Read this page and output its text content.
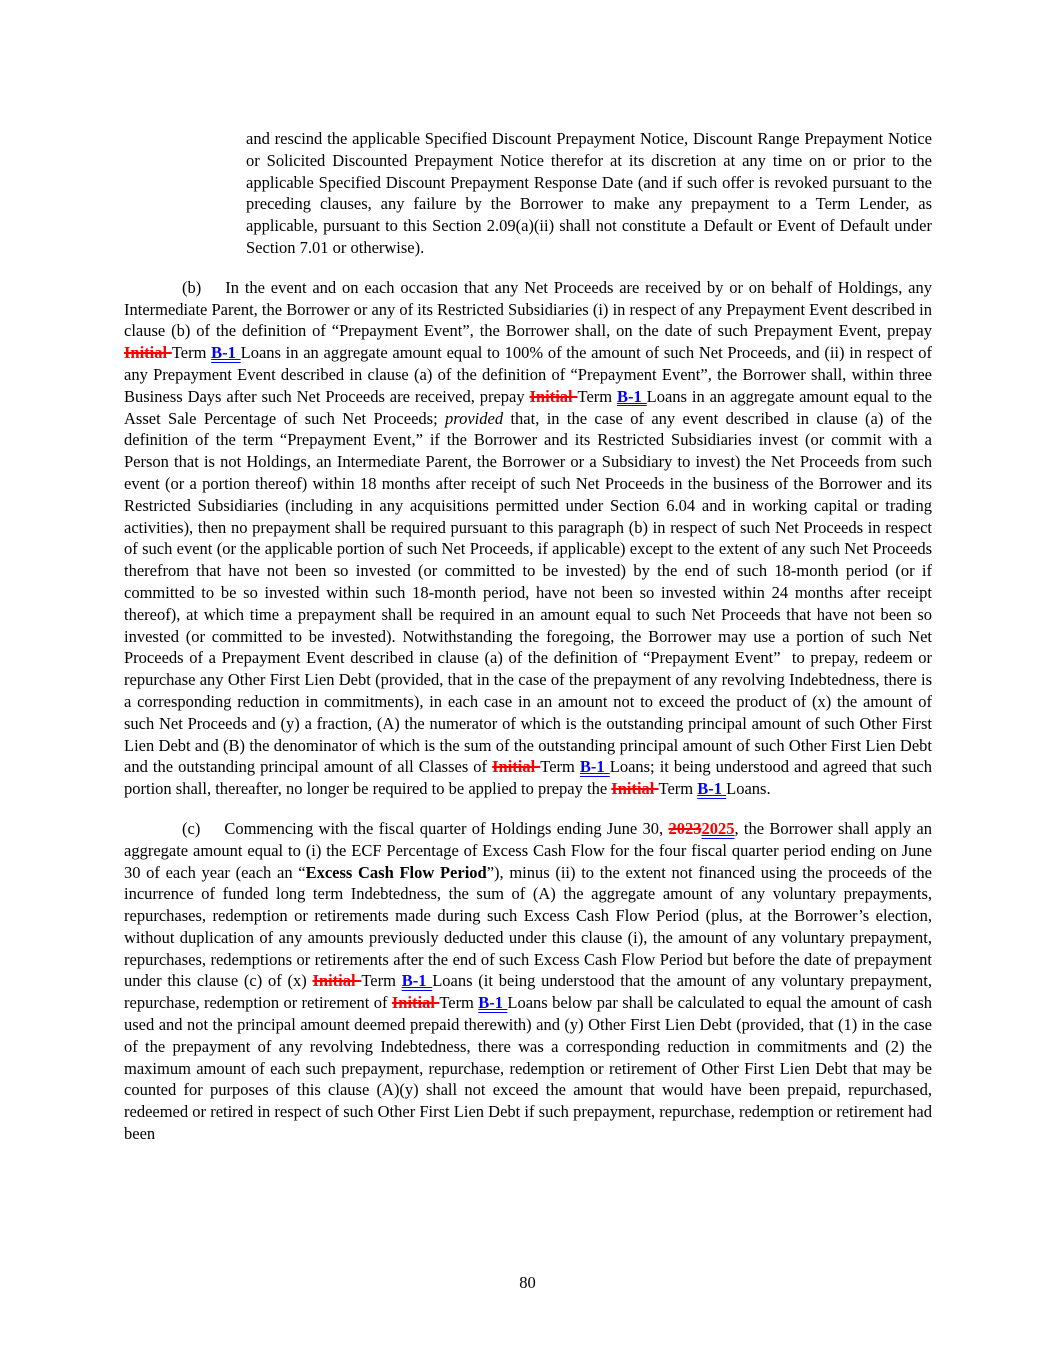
and rescind the applicable Specified Discount Prepayment Notice, Discount Range Prepayment Notice or Solicited Discounted Prepayment Notice therefor at its discretion at any time on or prior to the applicable Specified Discount Prepayment Response Date (and if such offer is revoked pursuant to the preceding clauses, any failure by the Borrower to make any prepayment to a Term Lender, as applicable, pursuant to this Section 2.09(a)(ii) shall not constitute a Default or Event of Default under Section 7.01 or otherwise).
(b) In the event and on each occasion that any Net Proceeds are received by or on behalf of Holdings, any Intermediate Parent, the Borrower or any of its Restricted Subsidiaries (i) in respect of any Prepayment Event described in clause (b) of the definition of “Prepayment Event”, the Borrower shall, on the date of such Prepayment Event, prepay Initial Term B-1 Loans in an aggregate amount equal to 100% of the amount of such Net Proceeds, and (ii) in respect of any Prepayment Event described in clause (a) of the definition of “Prepayment Event”, the Borrower shall, within three Business Days after such Net Proceeds are received, prepay Initial Term B-1 Loans in an aggregate amount equal to the Asset Sale Percentage of such Net Proceeds; provided that, in the case of any event described in clause (a) of the definition of the term “Prepayment Event,” if the Borrower and its Restricted Subsidiaries invest (or commit with a Person that is not Holdings, an Intermediate Parent, the Borrower or a Subsidiary to invest) the Net Proceeds from such event (or a portion thereof) within 18 months after receipt of such Net Proceeds in the business of the Borrower and its Restricted Subsidiaries (including in any acquisitions permitted under Section 6.04 and in working capital or trading activities), then no prepayment shall be required pursuant to this paragraph (b) in respect of such Net Proceeds in respect of such event (or the applicable portion of such Net Proceeds, if applicable) except to the extent of any such Net Proceeds therefrom that have not been so invested (or committed to be invested) by the end of such 18-month period (or if committed to be so invested within such 18-month period, have not been so invested within 24 months after receipt thereof), at which time a prepayment shall be required in an amount equal to such Net Proceeds that have not been so invested (or committed to be invested). Notwithstanding the foregoing, the Borrower may use a portion of such Net Proceeds of a Prepayment Event described in clause (a) of the definition of “Prepayment Event”  to prepay, redeem or repurchase any Other First Lien Debt (provided, that in the case of the prepayment of any revolving Indebtedness, there is a corresponding reduction in commitments), in each case in an amount not to exceed the product of (x) the amount of such Net Proceeds and (y) a fraction, (A) the numerator of which is the outstanding principal amount of such Other First Lien Debt and (B) the denominator of which is the sum of the outstanding principal amount of such Other First Lien Debt and the outstanding principal amount of all Classes of Initial Term B-1 Loans; it being understood and agreed that such portion shall, thereafter, no longer be required to be applied to prepay the Initial Term B-1 Loans.
(c) Commencing with the fiscal quarter of Holdings ending June 30, 20232025, the Borrower shall apply an aggregate amount equal to (i) the ECF Percentage of Excess Cash Flow for the four fiscal quarter period ending on June 30 of each year (each an “Excess Cash Flow Period”), minus (ii) to the extent not financed using the proceeds of the incurrence of funded long term Indebtedness, the sum of (A) the aggregate amount of any voluntary prepayments, repurchases, redemption or retirements made during such Excess Cash Flow Period (plus, at the Borrower’s election, without duplication of any amounts previously deducted under this clause (i), the amount of any voluntary prepayment, repurchases, redemptions or retirements after the end of such Excess Cash Flow Period but before the date of prepayment under this clause (c) of (x) Initial Term B-1 Loans (it being understood that the amount of any voluntary prepayment, repurchase, redemption or retirement of Initial Term B-1 Loans below par shall be calculated to equal the amount of cash used and not the principal amount deemed prepaid therewith) and (y) Other First Lien Debt (provided, that (1) in the case of the prepayment of any revolving Indebtedness, there was a corresponding reduction in commitments and (2) the maximum amount of each such prepayment, repurchase, redemption or retirement of Other First Lien Debt that may be counted for purposes of this clause (A)(y) shall not exceed the amount that would have been prepaid, repurchased, redeemed or retired in respect of such Other First Lien Debt if such prepayment, repurchase, redemption or retirement had been
80
